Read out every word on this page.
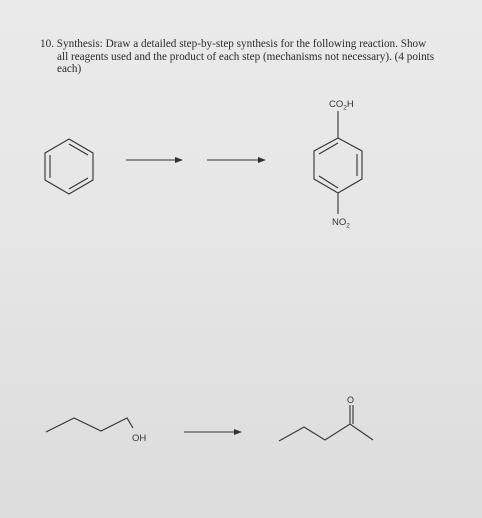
10. Synthesis: Draw a detailed step-by-step synthesis for the following reaction. Show
all reagents used and the product of each step (mechanisms not necessary). (4 points
each)
$CO_2H$
$NO_2$
OH
O
